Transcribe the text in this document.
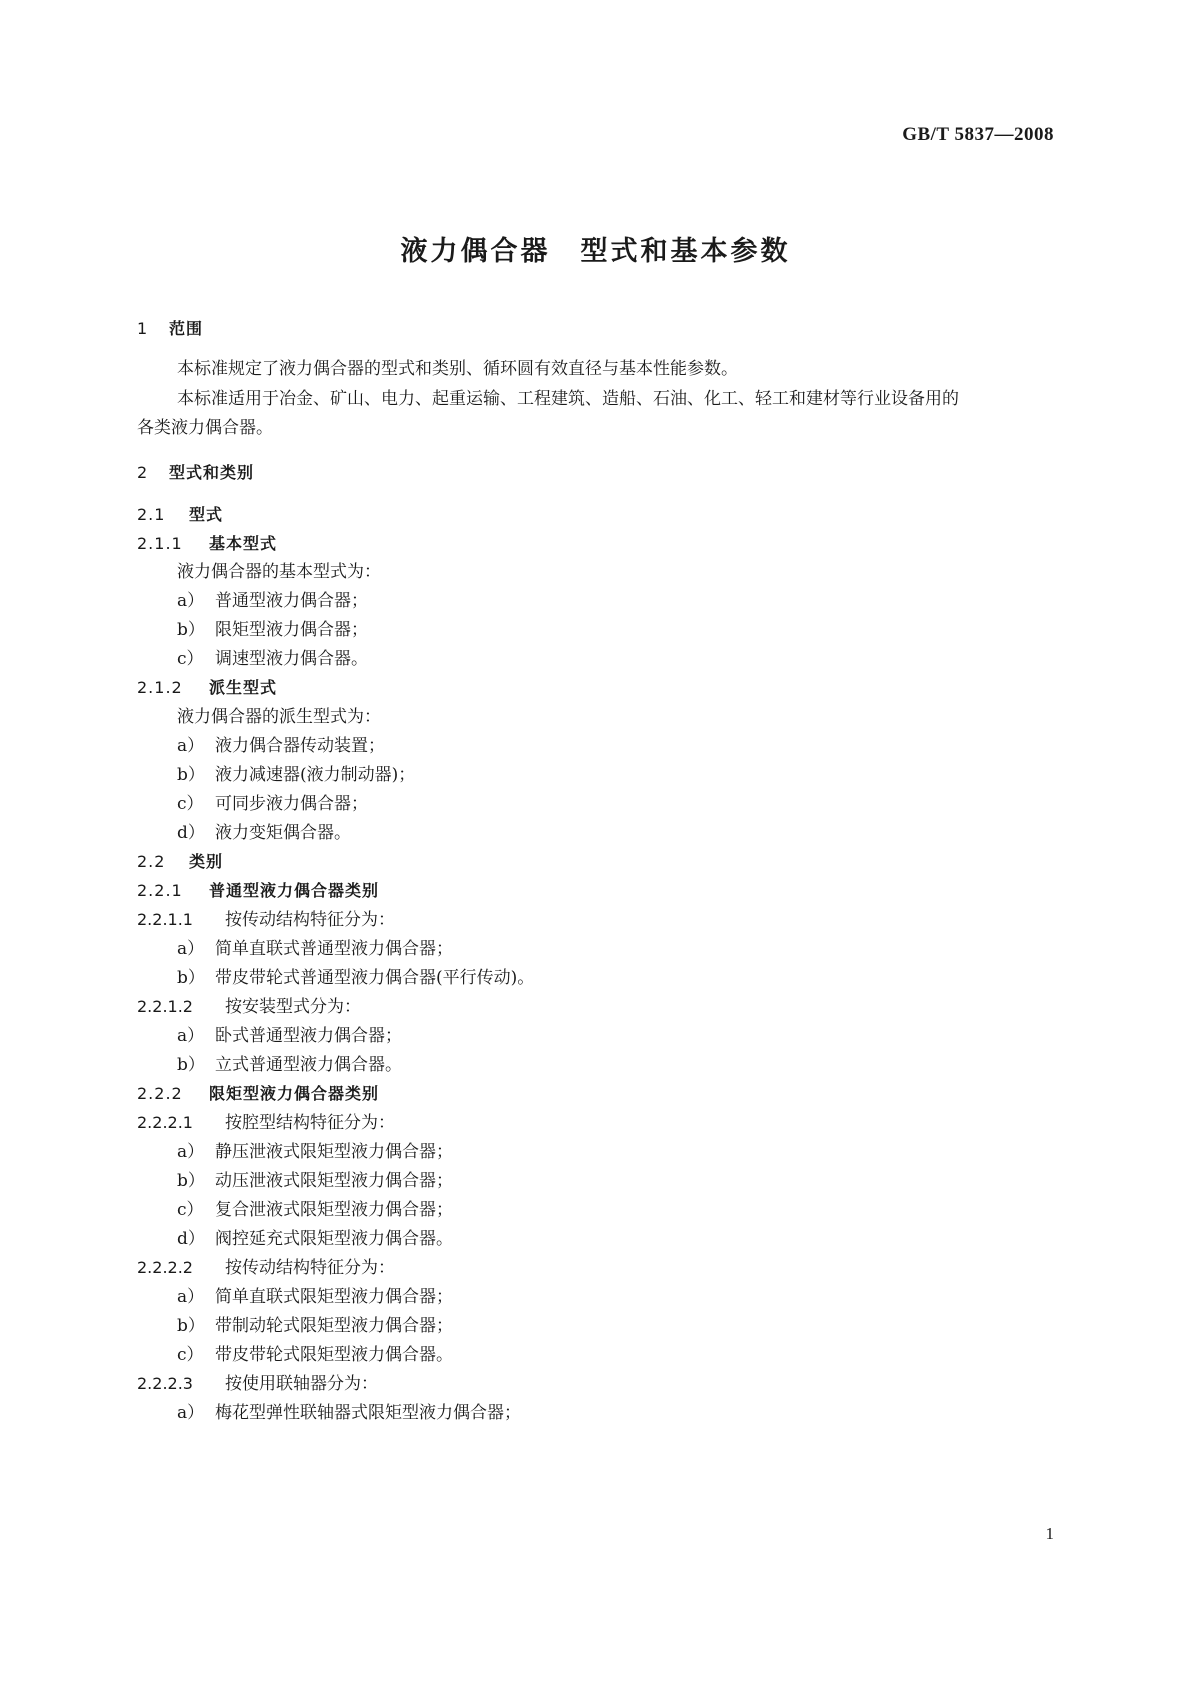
GB/T 5837—2008
液力偶合器　型式和基本参数
1 范围
本标准规定了液力偶合器的型式和类别、循环圆有效直径与基本性能参数。
本标准适用于冶金、矿山、电力、起重运输、工程建筑、造船、石油、化工、轻工和建材等行业设备用的
各类液力偶合器。
2 型式和类别
2.1 型式
2.1.1 基本型式
液力偶合器的基本型式为：
a） 普通型液力偶合器；
b） 限矩型液力偶合器；
c） 调速型液力偶合器。
2.1.2 派生型式
液力偶合器的派生型式为：
a） 液力偶合器传动装置；
b） 液力减速器(液力制动器)；
c） 可同步液力偶合器；
d） 液力变矩偶合器。
2.2 类别
2.2.1 普通型液力偶合器类别
2.2.1.1 按传动结构特征分为：
a） 简单直联式普通型液力偶合器；
b） 带皮带轮式普通型液力偶合器(平行传动)。
2.2.1.2 按安装型式分为：
a） 卧式普通型液力偶合器；
b） 立式普通型液力偶合器。
2.2.2 限矩型液力偶合器类别
2.2.2.1 按腔型结构特征分为：
a） 静压泄液式限矩型液力偶合器；
b） 动压泄液式限矩型液力偶合器；
c） 复合泄液式限矩型液力偶合器；
d） 阀控延充式限矩型液力偶合器。
2.2.2.2 按传动结构特征分为：
a） 简单直联式限矩型液力偶合器；
b） 带制动轮式限矩型液力偶合器；
c） 带皮带轮式限矩型液力偶合器。
2.2.2.3 按使用联轴器分为：
a） 梅花型弹性联轴器式限矩型液力偶合器；
1
